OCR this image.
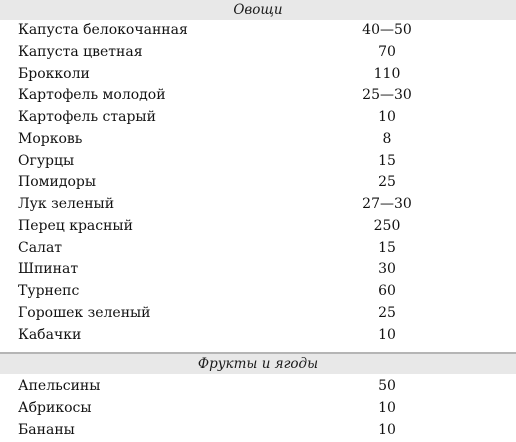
Овощи
Капуста белокочанная	40—50
Капуста цветная	70
Брокколи	110
Картофель молодой	25—30
Картофель старый	10
Морковь	8
Огурцы	15
Помидоры	25
Лук зеленый	27—30
Перец красный	250
Салат	15
Шпинат	30
Турнепс	60
Горошек зеленый	25
Кабачки	10
Фрукты и ягоды
Апельсины	50
Абрикосы	10
Бананы	10
